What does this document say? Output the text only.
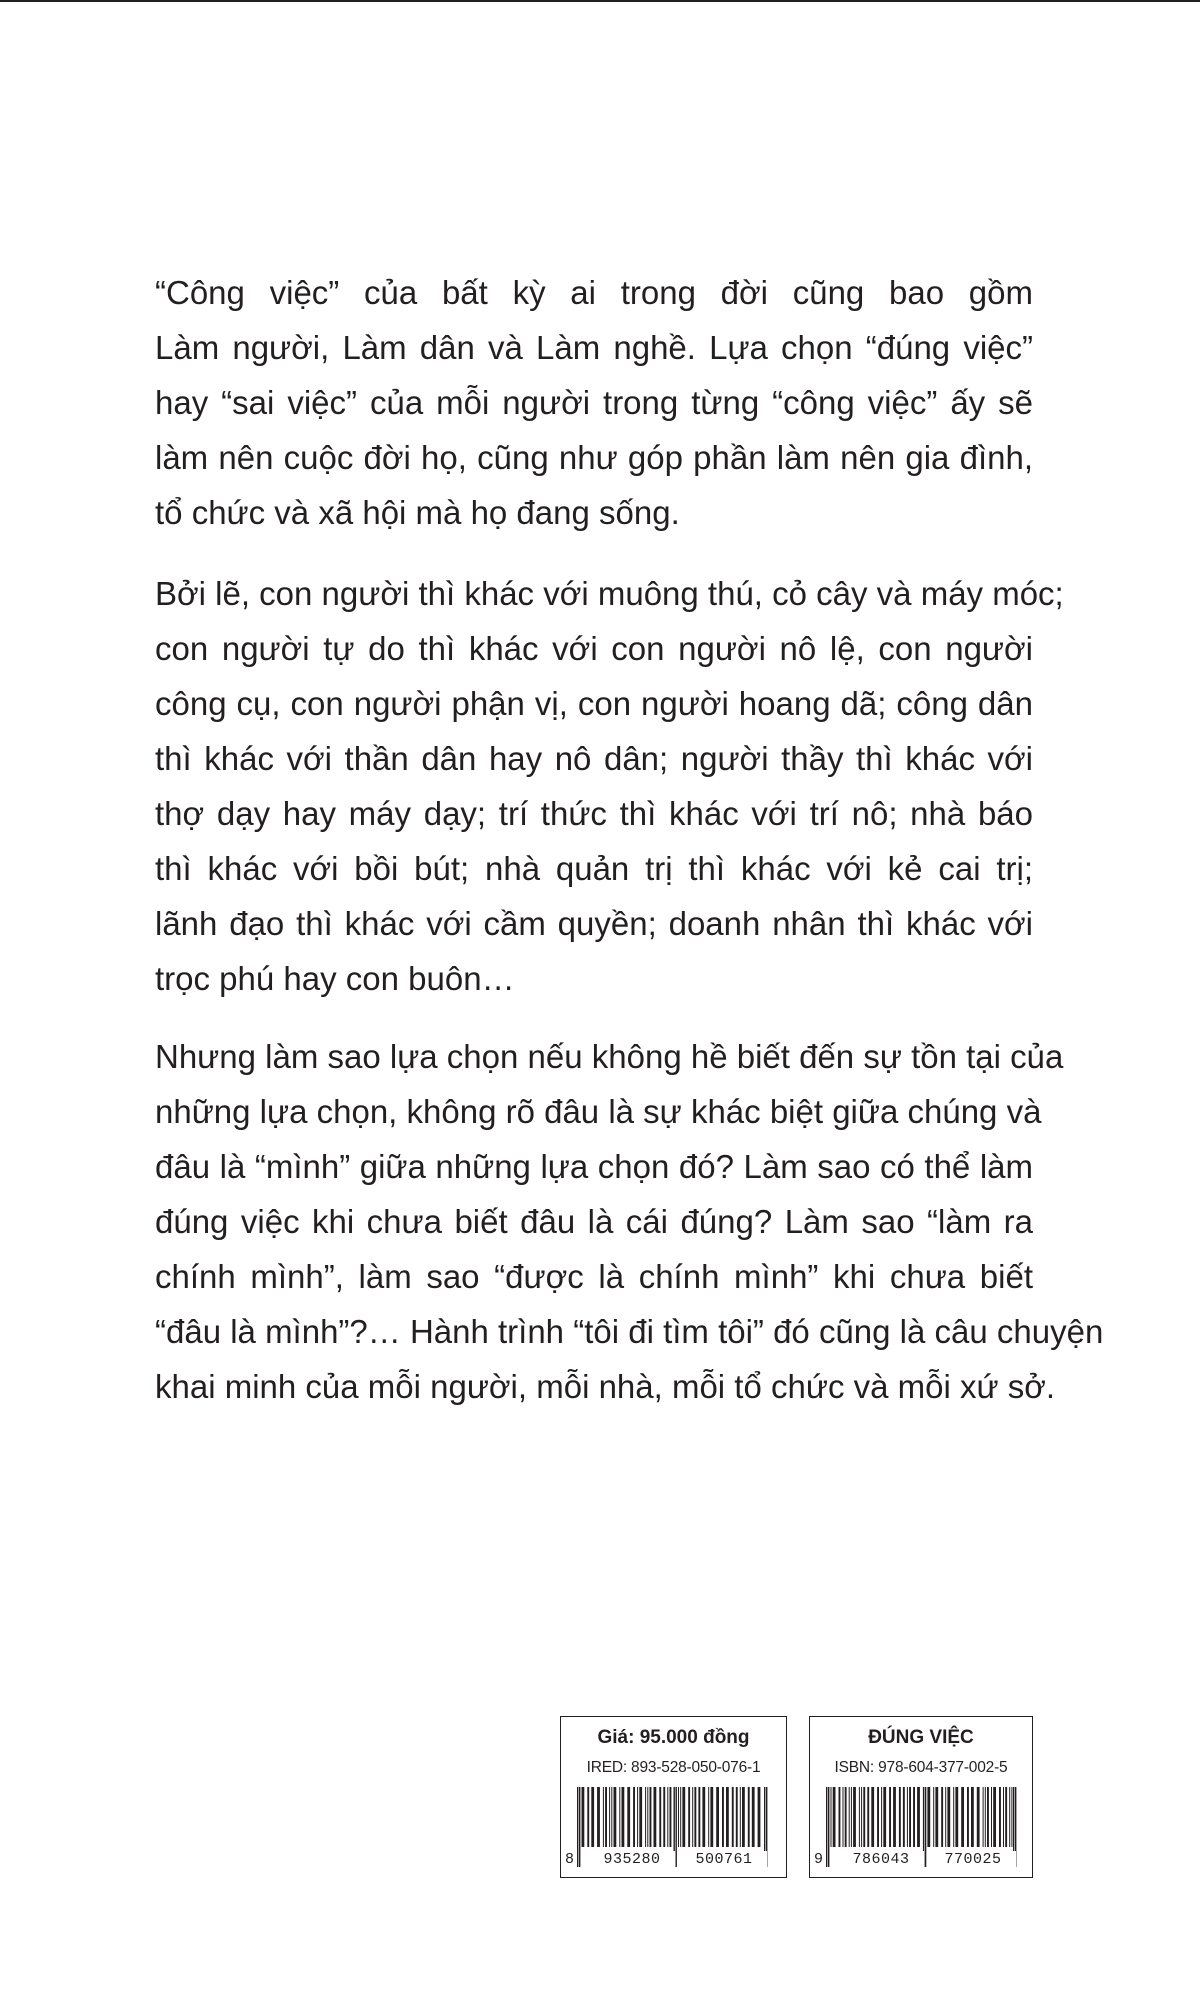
“Công việc” của bất kỳ ai trong đời cũng bao gồm
Làm người, Làm dân và Làm nghề. Lựa chọn “đúng việc”
hay “sai việc” của mỗi người trong từng “công việc” ấy sẽ
làm nên cuộc đời họ, cũng như góp phần làm nên gia đình,
tổ chức và xã hội mà họ đang sống.
Bởi lẽ, con người thì khác với muông thú, cỏ cây và máy móc;
con người tự do thì khác với con người nô lệ, con người
công cụ, con người phận vị, con người hoang dã; công dân
thì khác với thần dân hay nô dân; người thầy thì khác với
thợ dạy hay máy dạy; trí thức thì khác với trí nô; nhà báo
thì khác với bồi bút; nhà quản trị thì khác với kẻ cai trị;
lãnh đạo thì khác với cầm quyền; doanh nhân thì khác với
trọc phú hay con buôn…
Nhưng làm sao lựa chọn nếu không hề biết đến sự tồn tại của
những lựa chọn, không rõ đâu là sự khác biệt giữa chúng và
đâu là “mình” giữa những lựa chọn đó? Làm sao có thể làm
đúng việc khi chưa biết đâu là cái đúng? Làm sao “làm ra
chính mình”, làm sao “được là chính mình” khi chưa biết
“đâu là mình”?… Hành trình “tôi đi tìm tôi” đó cũng là câu chuyện
khai minh của mỗi người, mỗi nhà, mỗi tổ chức và mỗi xứ sở.
Giá: 95.000 đồng
IRED: 893-528-050-076-1
8	935280	500761
ĐÚNG VIỆC
ISBN: 978-604-377-002-5
9	786043	770025
